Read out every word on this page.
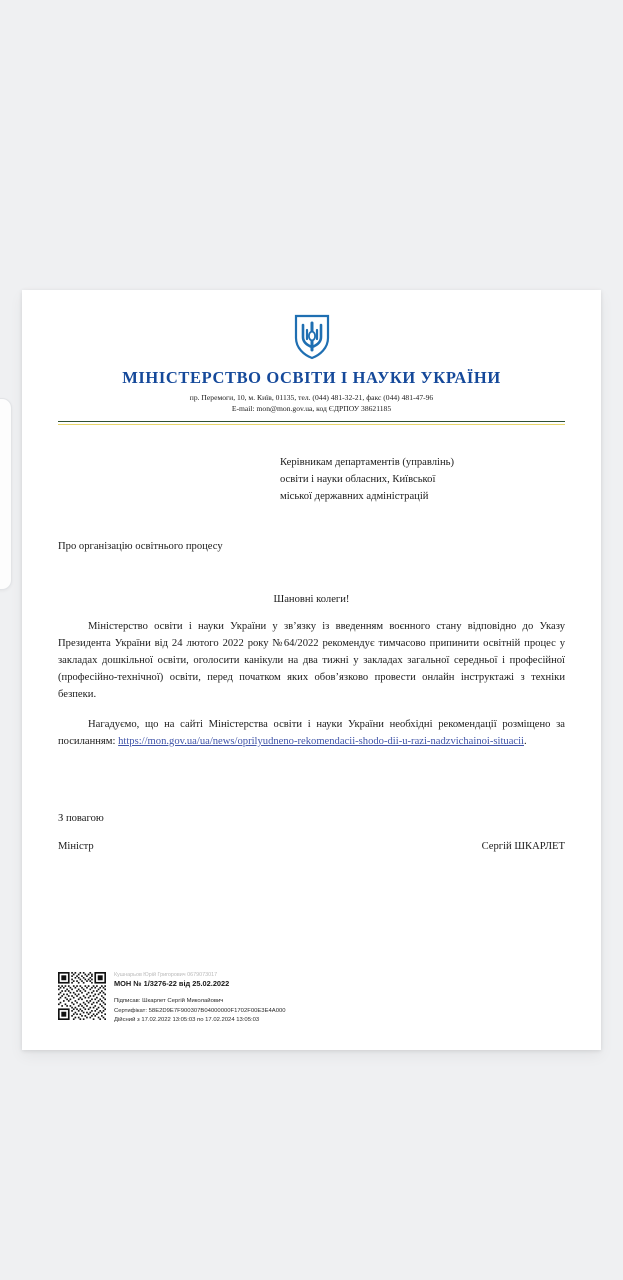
МІНІСТЕРСТВО ОСВІТИ І НАУКИ УКРАЇНИ

пр. Перемоги, 10, м. Київ, 01135, тел. (044) 481-32-21, факс (044) 481-47-96

E-mail: mon@mon.gov.ua, код ЄДРПОУ 38621185

Керівникам департаментів (управлінь)
освіти і науки обласних, Київської
міської державних адміністрацій
Про організацію освітнього процесу
Шановні колеги!

Міністерство освіти і науки України у зв’язку із введенням воєнного стану відповідно до Указу Президента України від 24 лютого 2022 року №64/2022 рекомендує тимчасово припинити освітній процес у закладах дошкільної освіти, оголосити канікули на два тижні у закладах загальної середньої і професійної (професійно-технічної) освіти, перед початком яких обов’язково провести онлайн інструктажі з техніки безпеки.

Нагадуємо, що на сайті Міністерства освіти і науки України необхідні рекомендації розміщено за посиланням: https://mon.gov.ua/ua/news/oprilyudneno-rekomendacii-shodo-dii-u-razi-nadzvichainoi-situacii.

З повагою
Міністр	Сергій ШКАРЛЕТ
Кушнарьов Юрій Григорович 0679073017
МОН № 1/3276-22 від 25.02.2022
Підписав: Шкарлет Сергій Миколайович
Сертифікат: 58E2D9E7F900307B04000000F1702F00E3E4A000
Дійсний з 17.02.2022 13:05:03 по 17.02.2024 13:05:03
